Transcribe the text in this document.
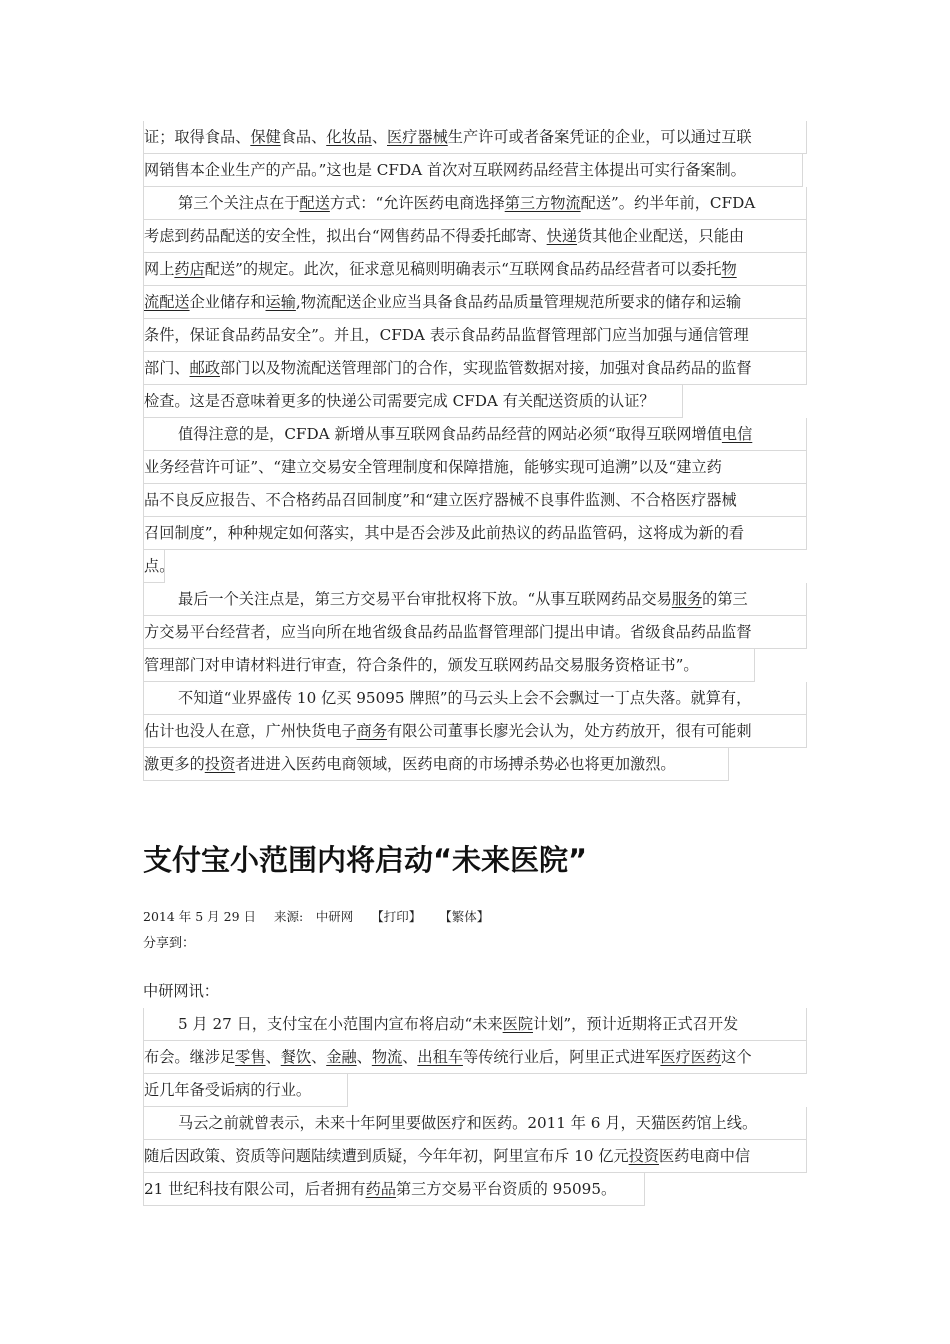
证；取得食品、保健食品、化妆品、医疗器械生产许可或者备案凭证的企业，可以通过互联
网销售本企业生产的产品。”这也是 CFDA 首次对互联网药品经营主体提出可实行备案制。
第三个关注点在于配送方式：“允许医药电商选择第三方物流配送”。约半年前，CFDA
考虑到药品配送的安全性，拟出台“网售药品不得委托邮寄、快递货其他企业配送，只能由
网上药店配送”的规定。此次，征求意见稿则明确表示“互联网食品药品经营者可以委托物
流配送企业储存和运输,物流配送企业应当具备食品药品质量管理规范所要求的储存和运输
条件，保证食品药品安全”。并且，CFDA 表示食品药品监督管理部门应当加强与通信管理
部门、邮政部门以及物流配送管理部门的合作，实现监管数据对接，加强对食品药品的监督
检查。这是否意味着更多的快递公司需要完成 CFDA 有关配送资质的认证？
值得注意的是，CFDA 新增从事互联网食品药品经营的网站必须“取得互联网增值电信
业务经营许可证”、“建立交易安全管理制度和保障措施，能够实现可追溯”以及“建立药
品不良反应报告、不合格药品召回制度”和“建立医疗器械不良事件监测、不合格医疗器械
召回制度”，种种规定如何落实，其中是否会涉及此前热议的药品监管码，这将成为新的看
点。
最后一个关注点是，第三方交易平台审批权将下放。“从事互联网药品交易服务的第三
方交易平台经营者，应当向所在地省级食品药品监督管理部门提出申请。省级食品药品监督
管理部门对申请材料进行审查，符合条件的，颁发互联网药品交易服务资格证书”。
不知道“业界盛传 10 亿买 95095 牌照”的马云头上会不会飘过一丁点失落。就算有，
估计也没人在意，广州快货电子商务有限公司董事长廖光会认为，处方药放开，很有可能刺
激更多的投资者进进入医药电商领域，医药电商的市场搏杀势必也将更加激烈。
支付宝小范围内将启动“未来医院”
2014 年 5 月 29 日 来源:　中研网 【打印】 【繁体】
分享到：
中研网讯：
5 月 27 日，支付宝在小范围内宣布将启动“未来医院计划”，预计近期将正式召开发
布会。继涉足零售、餐饮、金融、物流、出租车等传统行业后，阿里正式进军医疗医药这个
近几年备受诟病的行业。
马云之前就曾表示，未来十年阿里要做医疗和医药。2011 年 6 月，天猫医药馆上线。
随后因政策、资质等问题陆续遭到质疑，今年年初，阿里宣布斥 10 亿元投资医药电商中信
21 世纪科技有限公司，后者拥有药品第三方交易平台资质的 95095。
